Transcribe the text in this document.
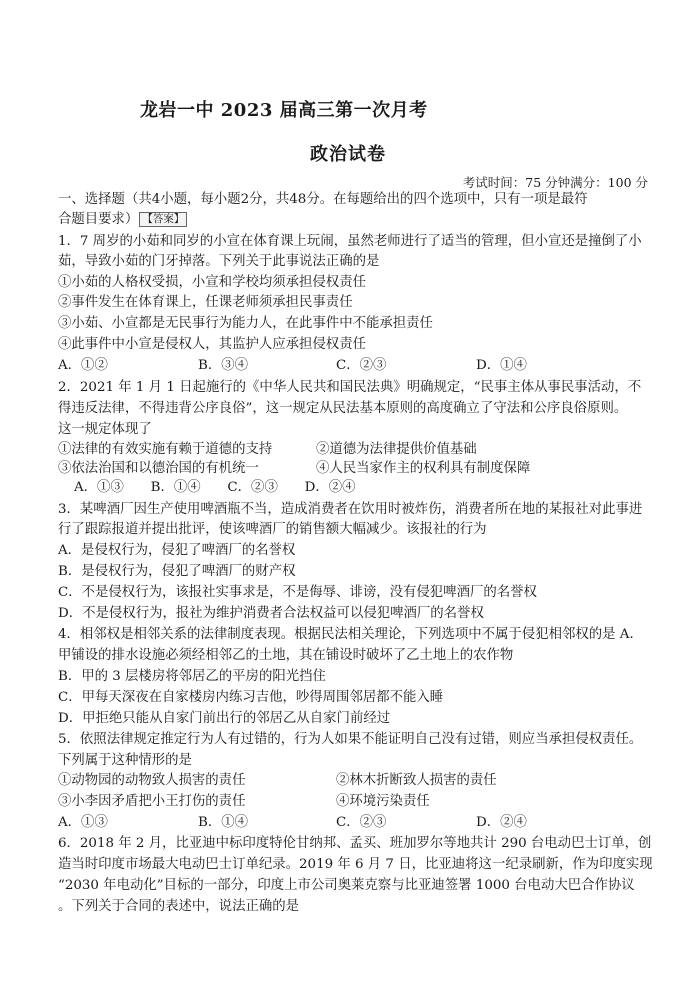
龙岩一中 2023 届高三第一次月考
政治试卷
考试时间：75 分钟满分：100 分
一、选择题（共4小题，每小题2分，共48分。在每题给出的四个选项中，只有一项是最符
合题目要求） 【答案】
1．7 周岁的小茹和同岁的小宣在体育课上玩闹，虽然老师进行了适当的管理，但小宣还是撞倒了小
茹，导致小茹的门牙掉落。下列关于此事说法正确的是
①小茹的人格权受损，小宣和学校均须承担侵权责任
②事件发生在体育课上，任课老师须承担民事责任
③小茹、小宣都是无民事行为能力人，在此事件中不能承担责任
④此事件中小宣是侵权人，其监护人应承担侵权责任
A．①②	B．③④	C．②③	D．①④
2．2021 年 1 月 1 日起施行的《中华人民共和国民法典》明确规定，“民事主体从事民事活动，不
得违反法律，不得违背公序良俗”，这一规定从民法基本原则的高度确立了守法和公序良俗原则。
这一规定体现了
①法律的有效实施有赖于道德的支持	②道德为法律提供价值基础
③依法治国和以德治国的有机统一	④人民当家作主的权利具有制度保障
A．①③　　B．①④　　C．②③　　D．②④
3．某啤酒厂因生产使用啤酒瓶不当，造成消费者在饮用时被炸伤，消费者所在地的某报社对此事进
行了跟踪报道并提出批评，使该啤酒厂的销售额大幅减少。该报社的行为
A．是侵权行为，侵犯了啤酒厂的名誉权
B．是侵权行为，侵犯了啤酒厂的财产权
C．不是侵权行为，该报社实事求是，不是侮辱、诽谤，没有侵犯啤酒厂的名誉权
D．不是侵权行为，报社为维护消费者合法权益可以侵犯啤酒厂的名誉权
4．相邻权是相邻关系的法律制度表现。根据民法相关理论，下列选项中不属于侵犯相邻权的是 A．
甲铺设的排水设施必须经相邻乙的土地，其在铺设时破坏了乙土地上的农作物
B．甲的 3 层楼房将邻居乙的平房的阳光挡住
C．甲每天深夜在自家楼房内练习吉他，吵得周围邻居都不能入睡
D．甲拒绝只能从自家门前出行的邻居乙从自家门前经过
5．依照法律规定推定行为人有过错的，行为人如果不能证明自己没有过错，则应当承担侵权责任。
下列属于这种情形的是
①动物园的动物致人损害的责任	②林木折断致人损害的责任
③小李因矛盾把小王打伤的责任	④环境污染责任
A．①③	B．①④	C．②③	D．②④
6．2018 年 2 月，比亚迪中标印度特伦甘纳邦、孟买、班加罗尔等地共计 290 台电动巴士订单，创
造当时印度市场最大电动巴士订单纪录。2019 年 6 月 7 日，比亚迪将这一纪录刷新，作为印度实现
“2030 年电动化”目标的一部分，印度上市公司奥莱克察与比亚迪签署 1000 台电动大巴合作协议
。下列关于合同的表述中，说法正确的是
